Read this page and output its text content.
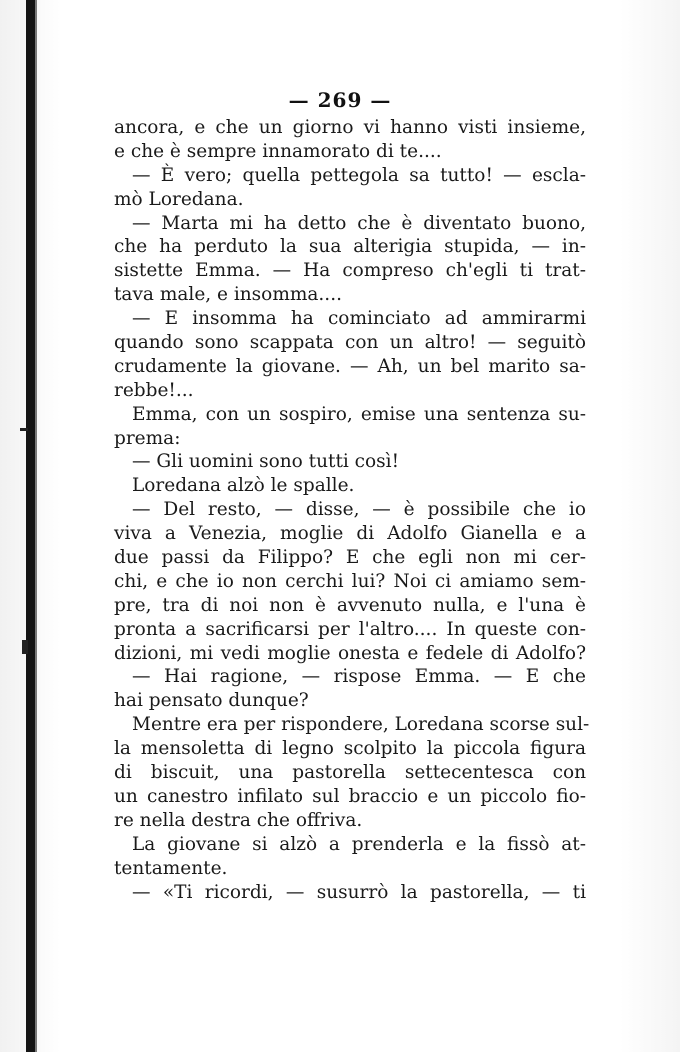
— 269 —
ancora, e che un giorno vi hanno visti insieme,
e che è sempre innamorato di te....
— È vero; quella pettegola sa tutto! — escla-
mò Loredana.
— Marta mi ha detto che è diventato buono,
che ha perduto la sua alterigia stupida, — in-
sistette Emma. — Ha compreso ch'egli ti trat-
tava male, e insomma....
— E insomma ha cominciato ad ammirarmi
quando sono scappata con un altro! — seguitò
crudamente la giovane. — Ah, un bel marito sa-
rebbe!...
Emma, con un sospiro, emise una sentenza su-
prema:
— Gli uomini sono tutti così!
Loredana alzò le spalle.
— Del resto, — disse, — è possibile che io
viva a Venezia, moglie di Adolfo Gianella e a
due passi da Filippo? E che egli non mi cer-
chi, e che io non cerchi lui? Noi ci amiamo sem-
pre, tra di noi non è avvenuto nulla, e l'una è
pronta a sacrificarsi per l'altro.... In queste con-
dizioni, mi vedi moglie onesta e fedele di Adolfo?
— Hai ragione, — rispose Emma. — E che
hai pensato dunque?
Mentre era per rispondere, Loredana scorse sul-
la mensoletta di legno scolpito la piccola figura
di biscuit, una pastorella settecentesca con
un canestro infilato sul braccio e un piccolo fio-
re nella destra che offriva.
La giovane si alzò a prenderla e la fissò at-
tentamente.
— «Ti ricordi, — susurrò la pastorella, — ti
